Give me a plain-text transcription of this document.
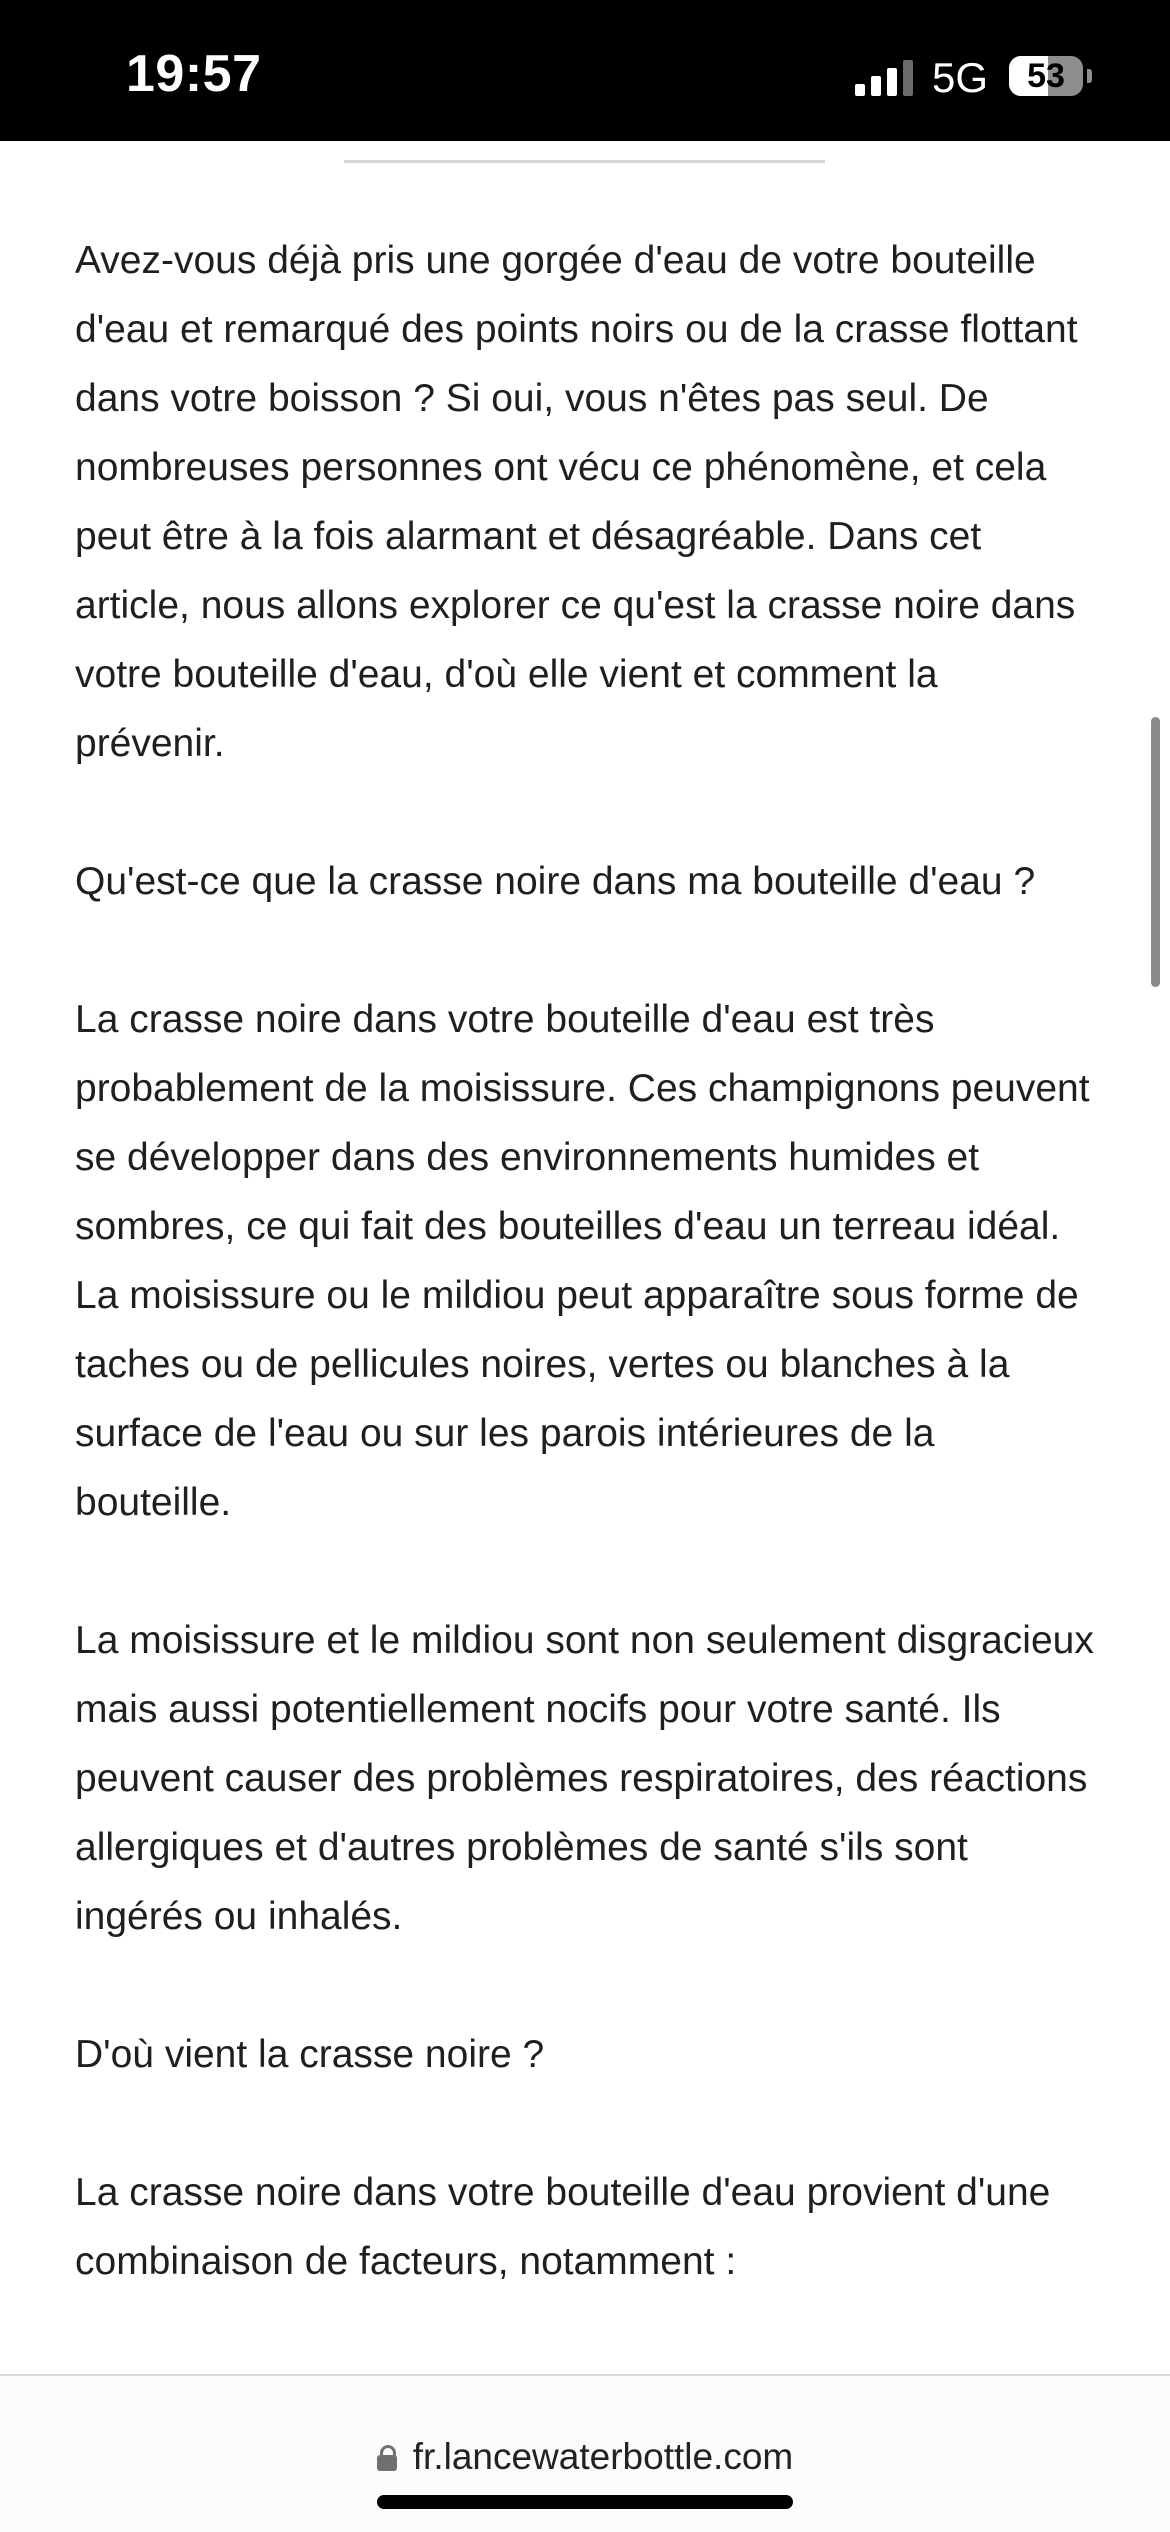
19:57	5G	53

Avez-vous déjà pris une gorgée d'eau de votre bouteille d'eau et remarqué des points noirs ou de la crasse flottant dans votre boisson ? Si oui, vous n'êtes pas seul. De nombreuses personnes ont vécu ce phénomène, et cela peut être à la fois alarmant et désagréable. Dans cet article, nous allons explorer ce qu'est la crasse noire dans votre bouteille d'eau, d'où elle vient et comment la prévenir.

Qu'est-ce que la crasse noire dans ma bouteille d'eau ?

La crasse noire dans votre bouteille d'eau est très probablement de la moisissure. Ces champignons peuvent se développer dans des environnements humides et sombres, ce qui fait des bouteilles d'eau un terreau idéal. La moisissure ou le mildiou peut apparaître sous forme de taches ou de pellicules noires, vertes ou blanches à la surface de l'eau ou sur les parois intérieures de la bouteille.

La moisissure et le mildiou sont non seulement disgracieux mais aussi potentiellement nocifs pour votre santé. Ils peuvent causer des problèmes respiratoires, des réactions allergiques et d'autres problèmes de santé s'ils sont ingérés ou inhalés.

D'où vient la crasse noire ?

La crasse noire dans votre bouteille d'eau provient d'une combinaison de facteurs, notamment :

fr.lancewaterbottle.com
